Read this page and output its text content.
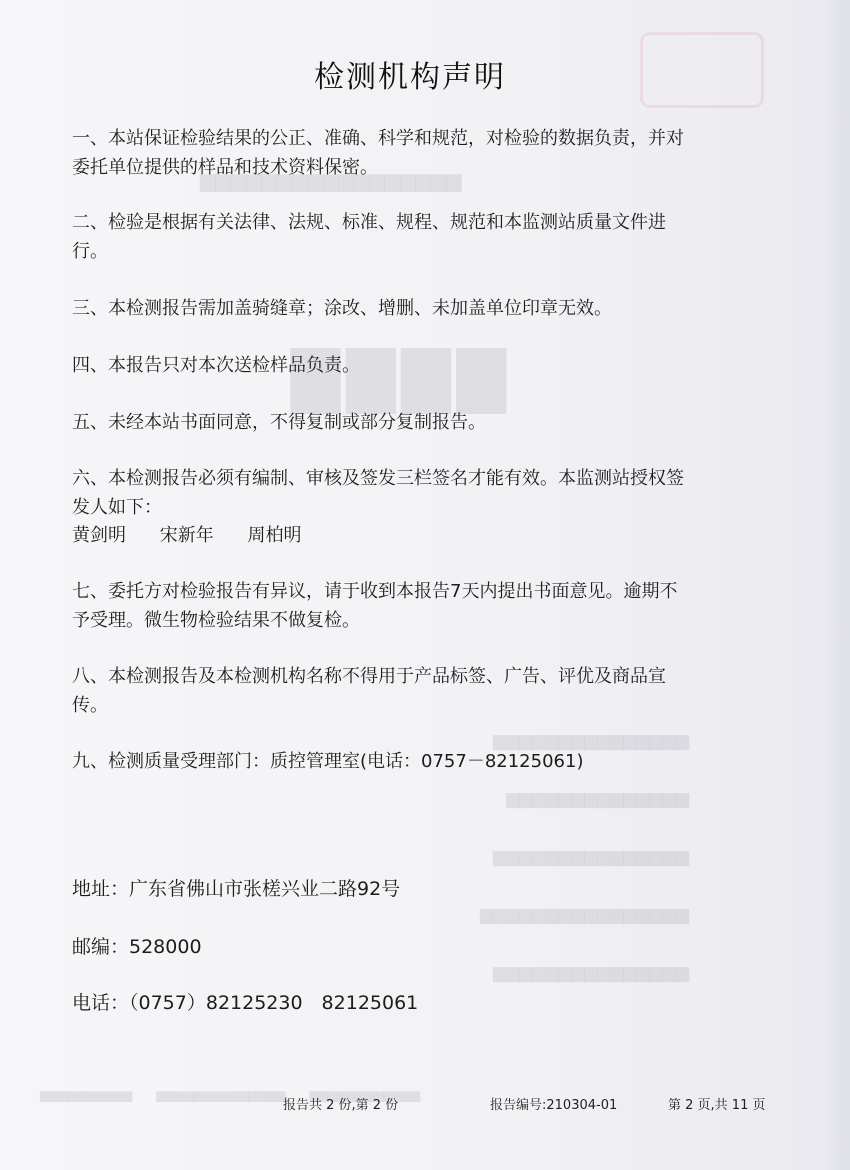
▇▇▇▇
▆▆▆▆▆▆▆▆▆▆▆▆▆▆▆▆▆
▆▆▆▆▆▆▆▆▆▆▆▆▆▆▆
▆▆▆▆▆▆▆▆▆▆▆▆▆▆
▆▆▆▆▆▆▆▆▆▆▆▆▆▆▆
▆▆▆▆▆▆▆▆▆▆▆▆▆▆▆▆
▆▆▆▆▆▆▆▆▆▆▆▆▆▆▆
▆▆▆▆▆▆▆▆▆▆▆▆　　▆▆▆▆▆▆▆▆▆▆▆▆▆▆　　▆▆▆▆▆▆▆▆▆▆
检测机构声明
一、本站保证检验结果的公正、准确、科学和规范，对检验的数据负责，并对委托单位提供的样品和技术资料保密。
二、检验是根据有关法律、法规、标准、规程、规范和本监测站质量文件进行。
三、本检测报告需加盖骑缝章；涂改、增删、未加盖单位印章无效。
四、本报告只对本次送检样品负责。
五、未经本站书面同意，不得复制或部分复制报告。
六、本检测报告必须有编制、审核及签发三栏签名才能有效。本监测站授权签发人如下：
黄剑明 宋新年 周柏明
七、委托方对检验报告有异议，请于收到本报告7天内提出书面意见。逾期不予受理。微生物检验结果不做复检。
八、本检测报告及本检测机构名称不得用于产品标签、广告、评优及商品宣传。
九、检测质量受理部门：质控管理室(电话：0757－82125061)
地址：广东省佛山市张槎兴业二路92号
邮编：528000
电话：（0757）82125230　82125061
报告共 2 份,第 2 份	报告编号:210304-01	第 2 页,共 11 页
